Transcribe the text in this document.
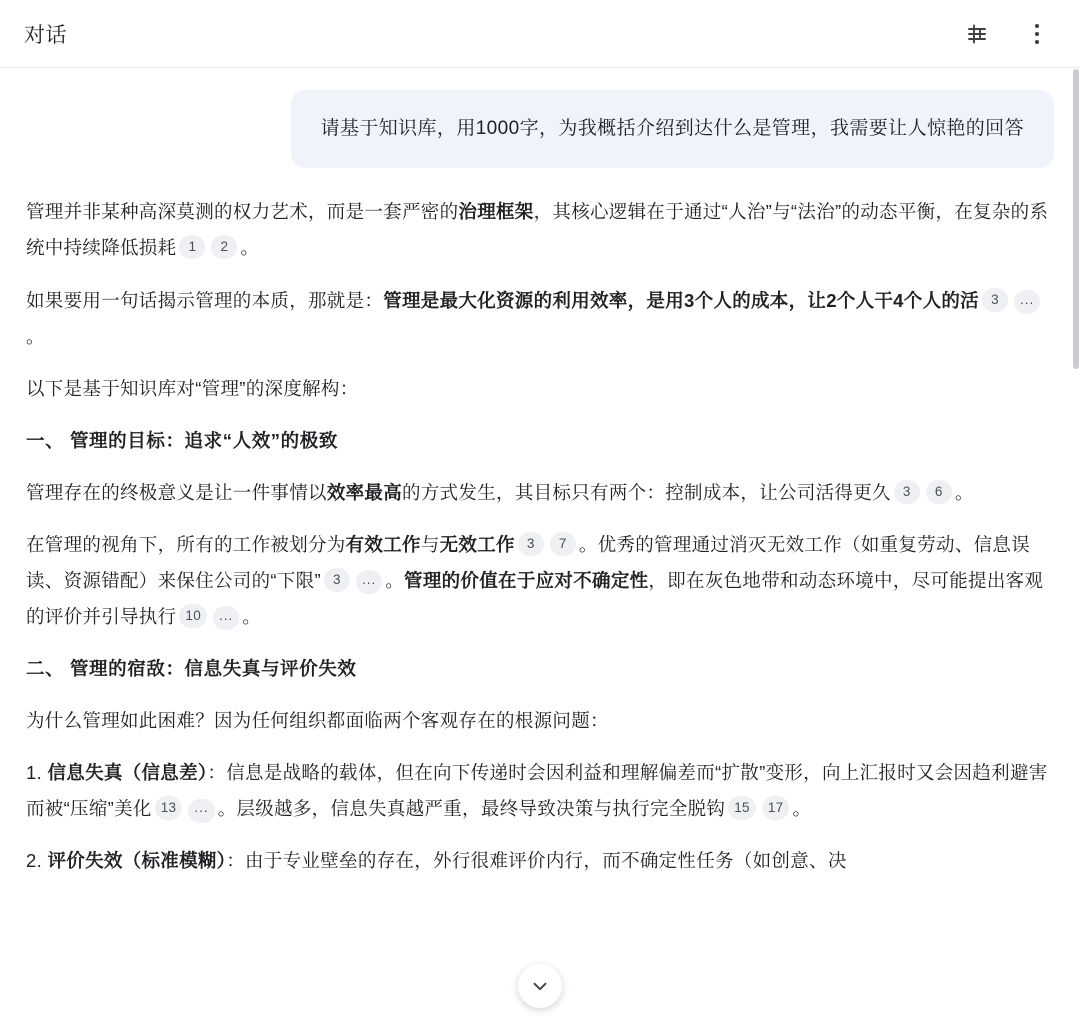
对话
请基于知识库，用1000字，为我概括介绍到达什么是管理，我需要让人惊艳的回答

管理并非某种高深莫测的权力艺术，而是一套严密的治理框架，其核心逻辑在于通过“人治”与“法治”的动态平衡，在复杂的系统中持续降低损耗 1 2 。

如果要用一句话揭示管理的本质，那就是：管理是最大化资源的利用效率，是用3个人的成本，让2个人干4个人的活 3 ...。

以下是基于知识库对“管理”的深度解构：

一、 管理的目标：追求“人效”的极致

管理存在的终极意义是让一件事情以效率最高的方式发生，其目标只有两个：控制成本，让公司活得更久 3 6 。

在管理的视角下，所有的工作被划分为有效工作与无效工作 3 7 。优秀的管理通过消灭无效工作（如重复劳动、信息误读、资源错配）来保住公司的“下限” 3 ... 。管理的价值在于应对不确定性，即在灰色地带和动态环境中，尽可能提出客观的评价并引导执行 10 ... 。

二、 管理的宿敌：信息失真与评价失效

为什么管理如此困难？因为任何组织都面临两个客观存在的根源问题：

1. 信息失真（信息差）：信息是战略的载体，但在向下传递时会因利益和理解偏差而“扩散”变形，向上汇报时又会因趋利避害而被“压缩”美化 13 ... 。层级越多，信息失真越严重，最终导致决策与执行完全脱钩 15 17 。

2. 评价失效（标准模糊）：由于专业壁垒的存在，外行很难评价内行，而不确定性任务（如创意、决
